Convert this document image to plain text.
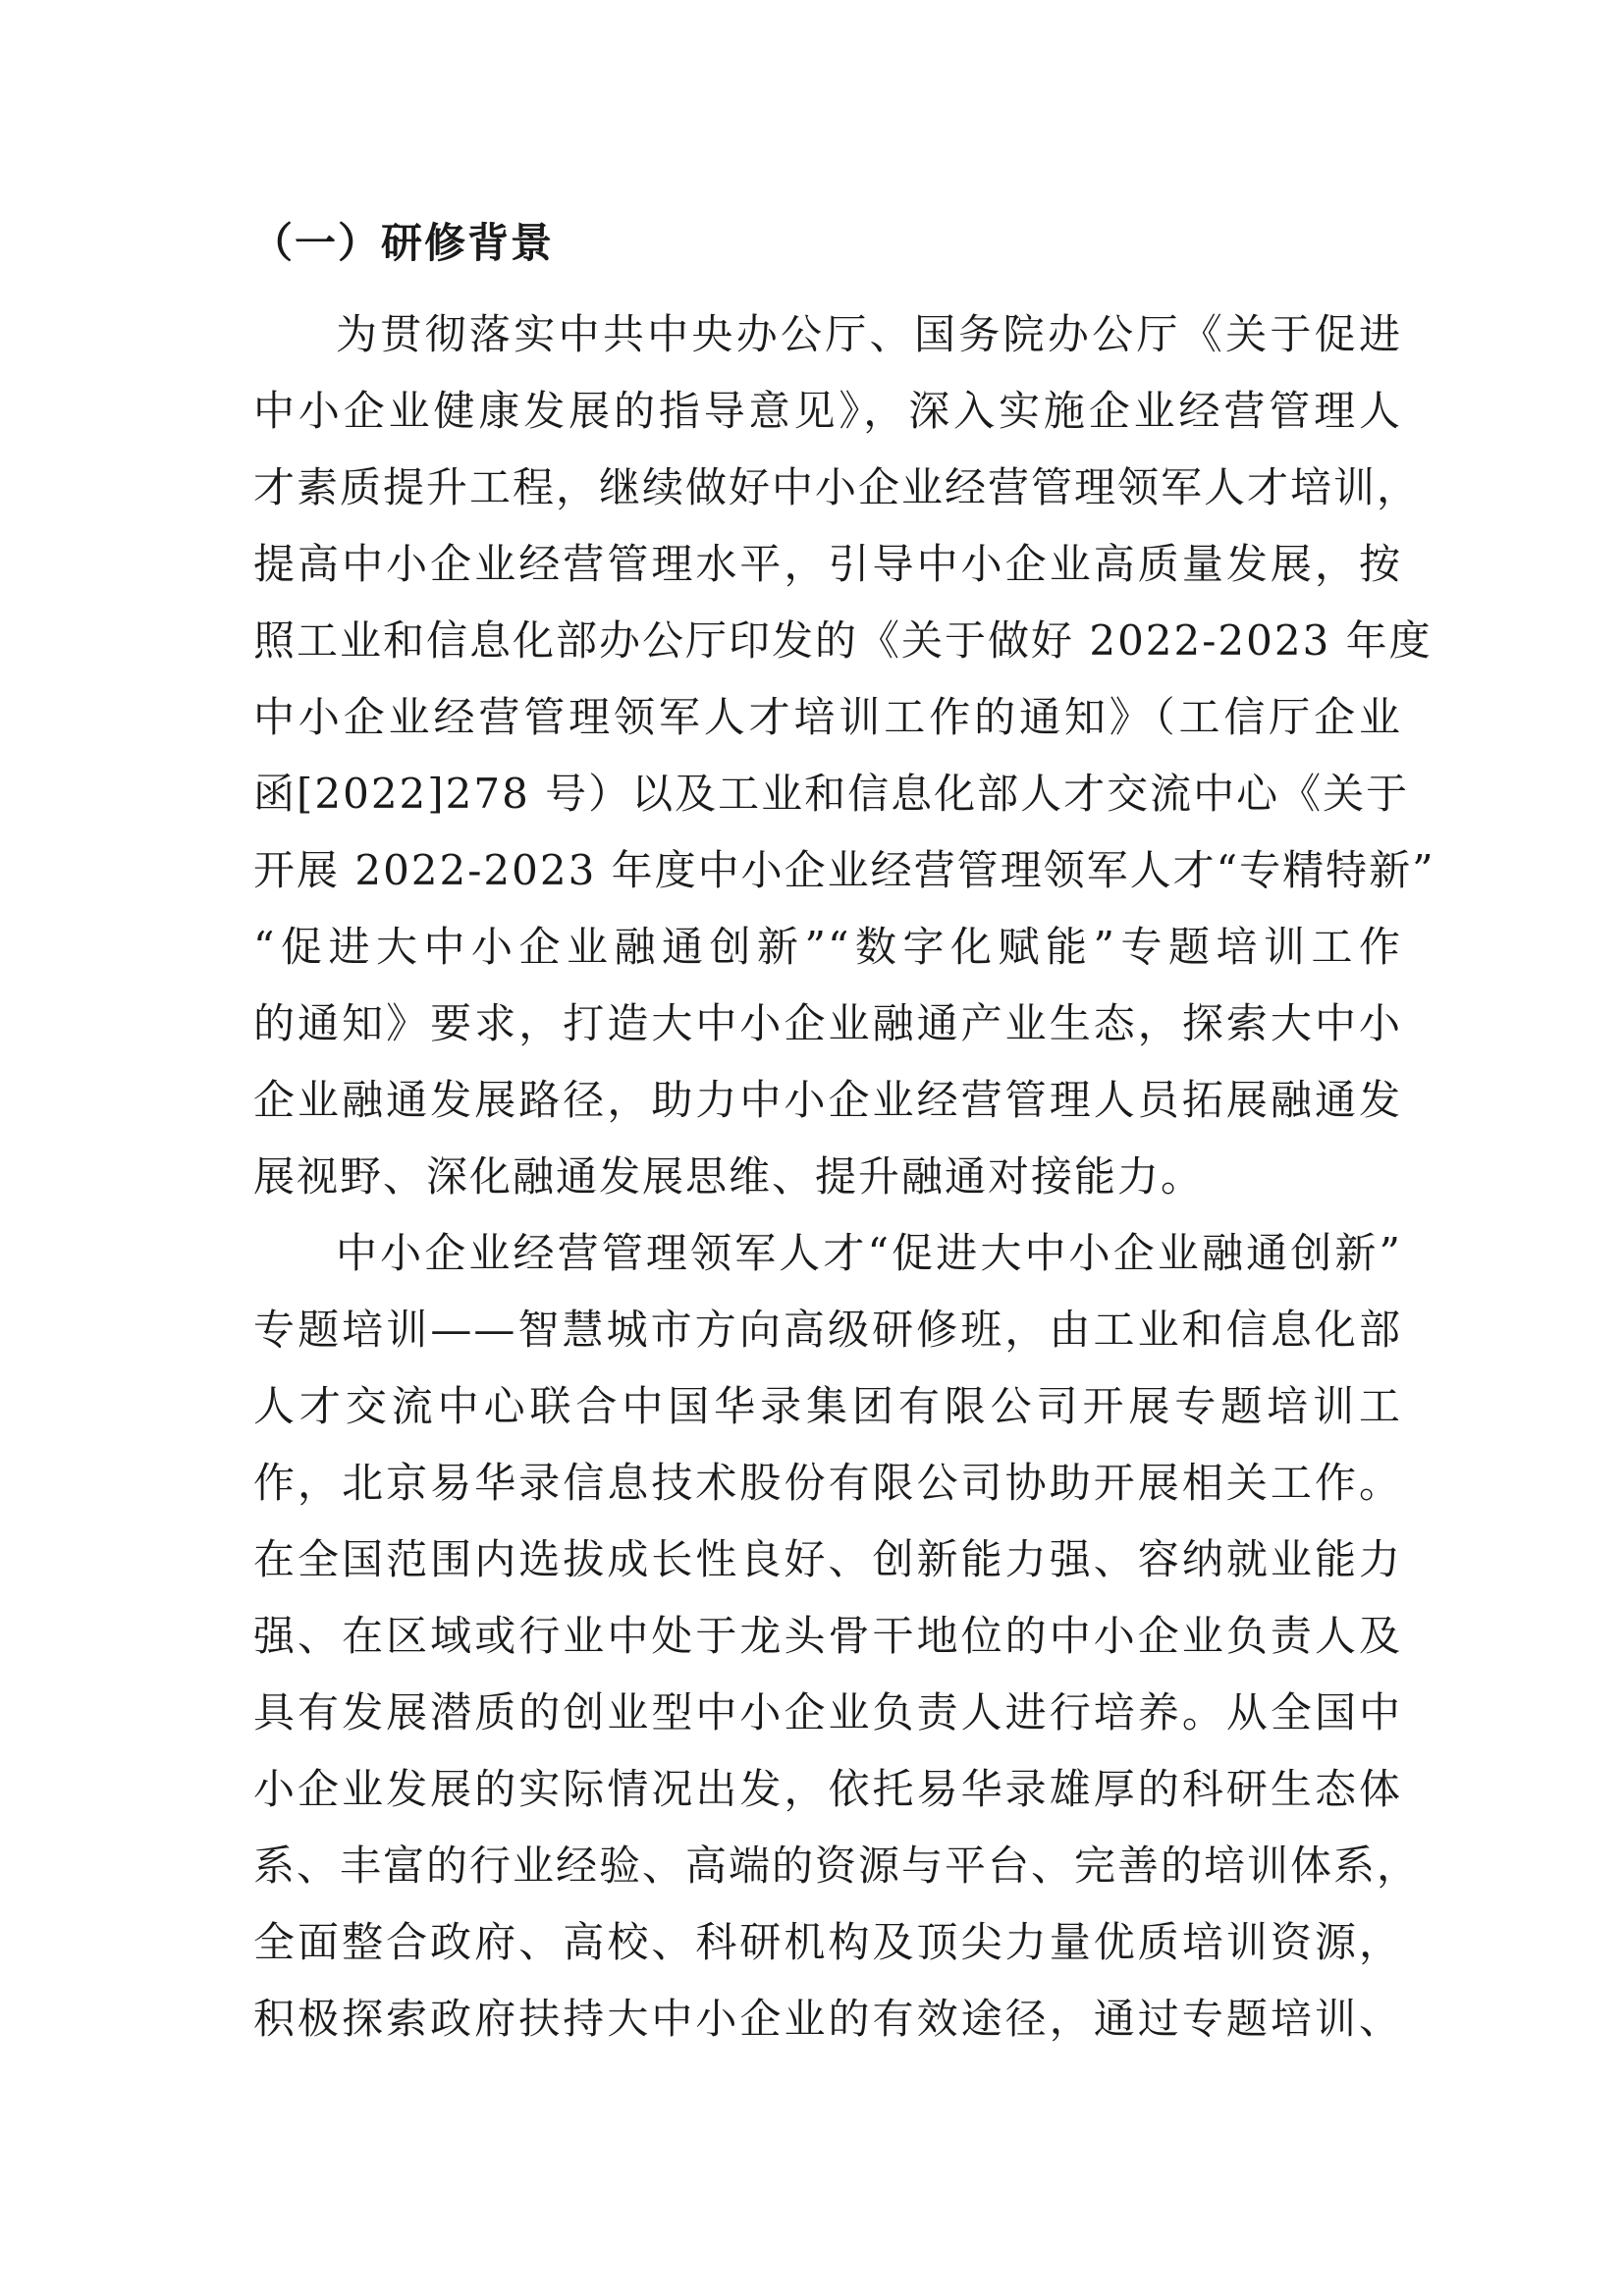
（一）研修背景
为贯彻落实中共中央办公厅、国务院办公厅《关于促进
中小企业健康发展的指导意见》，深入实施企业经营管理人
才素质提升工程，继续做好中小企业经营管理领军人才培训，
提高中小企业经营管理水平，引导中小企业高质量发展，按
照工业和信息化部办公厅印发的《关于做好 2022-2023 年度
中小企业经营管理领军人才培训工作的通知》（工信厅企业
函[2022]278 号）以及工业和信息化部人才交流中心《关于
开展 2022-2023 年度中小企业经营管理领军人才“专精特新”
“促进大中小企业融通创新”“数字化赋能”专题培训工作
的通知》要求，打造大中小企业融通产业生态，探索大中小
企业融通发展路径，助力中小企业经营管理人员拓展融通发
展视野、深化融通发展思维、提升融通对接能力。
中小企业经营管理领军人才“促进大中小企业融通创新”
专题培训——智慧城市方向高级研修班，由工业和信息化部
人才交流中心联合中国华录集团有限公司开展专题培训工
作，北京易华录信息技术股份有限公司协助开展相关工作。
在全国范围内选拔成长性良好、创新能力强、容纳就业能力
强、在区域或行业中处于龙头骨干地位的中小企业负责人及
具有发展潜质的创业型中小企业负责人进行培养。从全国中
小企业发展的实际情况出发，依托易华录雄厚的科研生态体
系、丰富的行业经验、高端的资源与平台、完善的培训体系，
全面整合政府、高校、科研机构及顶尖力量优质培训资源，
积极探索政府扶持大中小企业的有效途径，通过专题培训、
